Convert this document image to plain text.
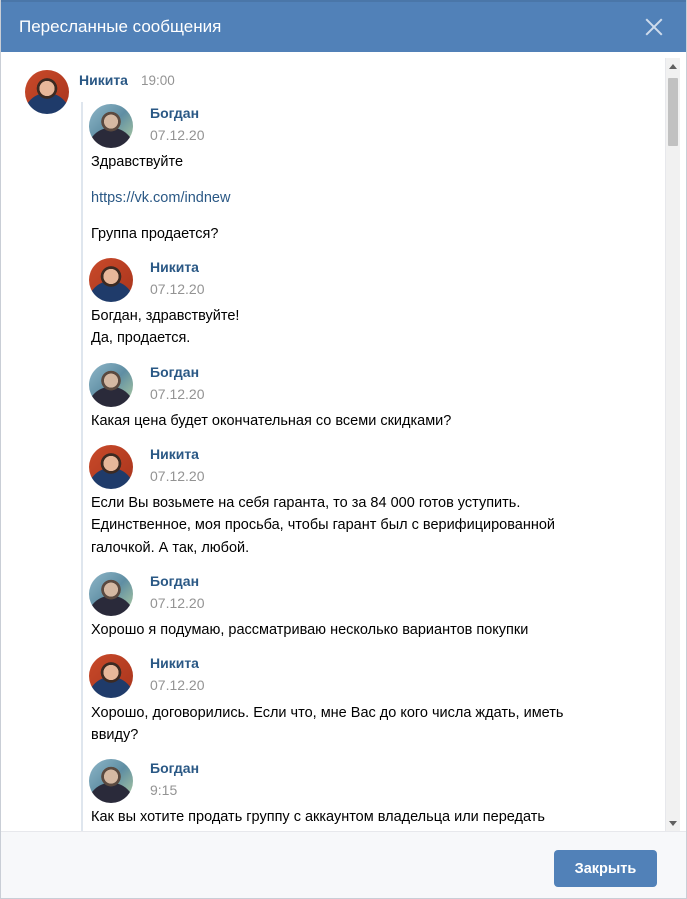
Пересланные сообщения
Никита 19:00
Богдан
07.12.20
Здравствуйте
https://vk.com/indnew
Группа продается?
Никита
07.12.20
Богдан, здравствуйте!
Да, продается.
Богдан
07.12.20
Какая цена будет окончательная со всеми скидками?
Никита
07.12.20
Если Вы возьмете на себя гаранта, то за 84 000 готов уступить.
Единственное, моя просьба, чтобы гарант был с верифицированной
галочкой. А так, любой.
Богдан
07.12.20
Хорошо я подумаю, рассматриваю несколько вариантов покупки
Никита
07.12.20
Хорошо, договорились. Если что, мне Вас до кого числа ждать, иметь
ввиду?
Богдан
9:15
Как вы хотите продать группу с аккаунтом владельца или передать
Закрыть
